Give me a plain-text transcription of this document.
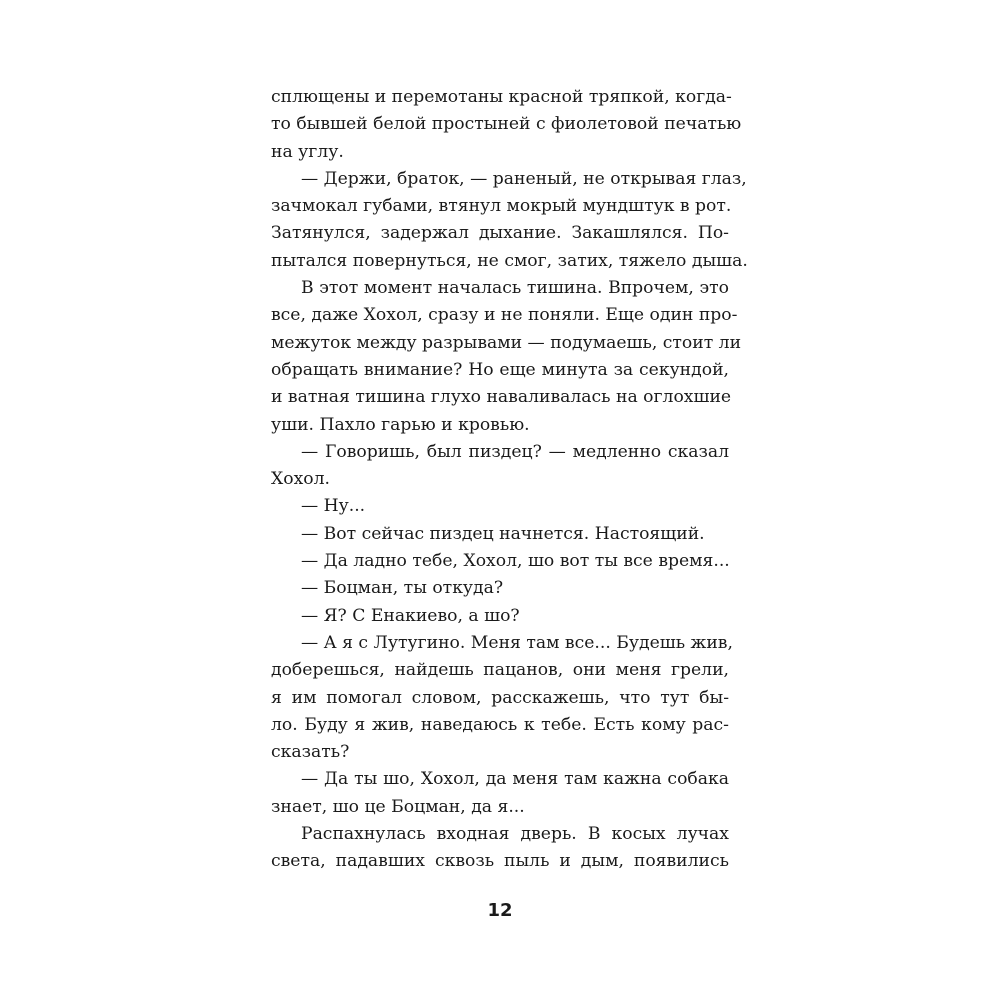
сплющены и перемотаны красной тряпкой, когда-
то бывшей белой простыней с фиолетовой печатью
на углу.
— Держи, браток, — раненый, не открывая глаз,
зачмокал губами, втянул мокрый мундштук в рот.
Затянулся, задержал дыхание. Закашлялся. По-
пытался повернуться, не смог, затих, тяжело дыша.
В этот момент началась тишина. Впрочем, это
все, даже Хохол, сразу и не поняли. Еще один про-
межуток между разрывами — подумаешь, стоит ли
обращать внимание? Но еще минута за секундой,
и ватная тишина глухо наваливалась на оглохшие
уши. Пахло гарью и кровью.
— Говоришь, был пиздец? — медленно сказал
Хохол.
— Ну...
— Вот сейчас пиздец начнется. Настоящий.
— Да ладно тебе, Хохол, шо вот ты все время...
— Боцман, ты откуда?
— Я? С Енакиево, а шо?
— А я с Лутугино. Меня там все... Будешь жив,
доберешься, найдешь пацанов, они меня грели,
я им помогал словом, расскажешь, что тут бы-
ло. Буду я жив, наведаюсь к тебе. Есть кому рас-
сказать?
— Да ты шо, Хохол, да меня там кажна собака
знает, шо це Боцман, да я...
Распахнулась входная дверь. В косых лучах
света, падавших сквозь пыль и дым, появились
12
